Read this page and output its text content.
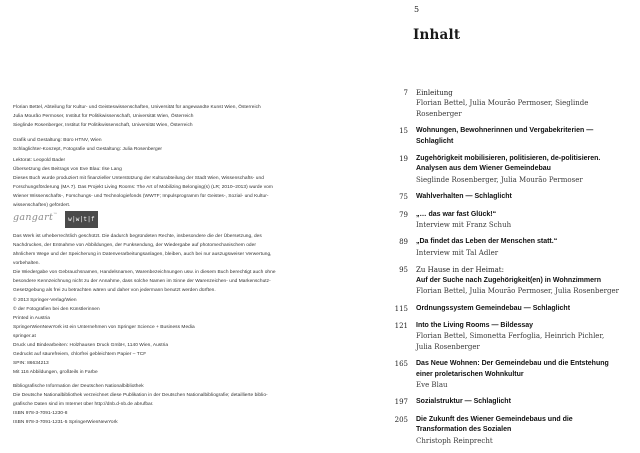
Florian Bettel, Abteilung für Kultur- und Geisteswissenschaften, Universität für angewandte Kunst Wien, Österreich
Julia Mourão Permoser, Institut für Politikwissenschaft, Universität Wien, Österreich
Sieglinde Rosenberger, Institut für Politikwissenschaft, Universität Wien, Österreich
Grafik und Gestaltung: Büro HTNV, Wien
Schlaglichter-Konzept, Fotografie und Gestaltung: Julia Rosenberger
Lektorat: Leopold Bader
Übersetzung des Beitrags von Eve Blau: Ilse Lang
Dieses Buch wurde produziert mit finanzieller Unterstützung der Kulturabteilung der Stadt Wien, Wissenschafts- und
Forschungsförderung (MA 7). Das Projekt Living Rooms: The Art of Mobilizing Belonging(s) (LR; 2010–2013) wurde vom
Wiener Wissenschafts-, Forschungs- und Technologiefonds (WWTF; Impulsprogramm für Geistes-, Sozial- und Kultur-
wissenschaften) gefördert.
gangart™
w|w|t|f
Das Werk ist urheberrechtlich geschützt. Die dadurch begründeten Rechte, insbesondere die der Übersetzung, des
Nachdruckes, der Entnahme von Abbildungen, der Funksendung, der Wiedergabe auf photomechanischem oder
ähnlichem Wege und der Speicherung in Datenverarbeitungsanlagen, bleiben, auch bei nur auszugsweiser Verwertung,
vorbehalten.
Die Wiedergabe von Gebrauchsnamen, Handelsnamen, Warenbezeichnungen usw. in diesem Buch berechtigt auch ohne
besondere Kennzeichnung nicht zu der Annahme, dass solche Namen im Sinne der Warenzeichen- und Markenschutz-
Gesetzgebung als frei zu betrachten wären und daher von jedermann benutzt werden dürften.
© 2013 Springer-Verlag/Wien
© der Fotografien bei den Künstlerinnen
Printed in Austria
SpringerWienNewYork ist ein Unternehmen von Springer Science + Business Media
springer.at
Druck und Bindearbeiten: Holzhausen Druck GmbH, 1140 Wien, Austria
Gedruckt auf säurefreiem, chlorfrei gebleichtem Papier – TCF
SPIN: 86634213
Mit 116 Abbildungen, großteils in Farbe
Bibliografische Information der Deutschen Nationalbibliothek
Die Deutsche Nationalbibliothek verzeichnet diese Publikation in der Deutschen Nationalbibliografie; detaillierte biblio-
grafische Daten sind im Internet über http://dnb.d-nb.de abrufbar.
ISBN 978-3-7091-1230-8
ISBN 978-3-7091-1231-5 SpringerWienNewYork
5
Inhalt
7 Einleitung
Florian Bettel, Julia Mourão Permoser, Sieglinde Rosenberger
15 Wohnungen, Bewohnerinnen und Vergabekriterien —
Schlaglicht
19 Zugehörigkeit mobilisieren, politisieren, de-politisieren.
Analysen aus dem Wiener Gemeindebau
Sieglinde Rosenberger, Julia Mourão Permoser
75 Wahlverhalten — Schlaglicht
79 „… das war fast Glück!“
Interview mit Franz Schuh
89 „Da findet das Leben der Menschen statt.“
Interview mit Tal Adler
95 Zu Hause in der Heimat:
Auf der Suche nach Zugehörigkeit(en) in Wohnzimmern
Florian Bettel, Julia Mourão Permoser, Julia Rosenberger
115 Ordnungssystem Gemeindebau — Schlaglicht
121 Into the Living Rooms — Bildessay
Florian Bettel, Simonetta Ferfoglia, Heinrich Pichler,
Julia Rosenberger
165 Das Neue Wohnen: Der Gemeindebau und die Entstehung
einer proletarischen Wohnkultur
Eve Blau
197 Sozialstruktur — Schlaglicht
205 Die Zukunft des Wiener Gemeindebaus und die
Transformation des Sozialen
Christoph Reinprecht
